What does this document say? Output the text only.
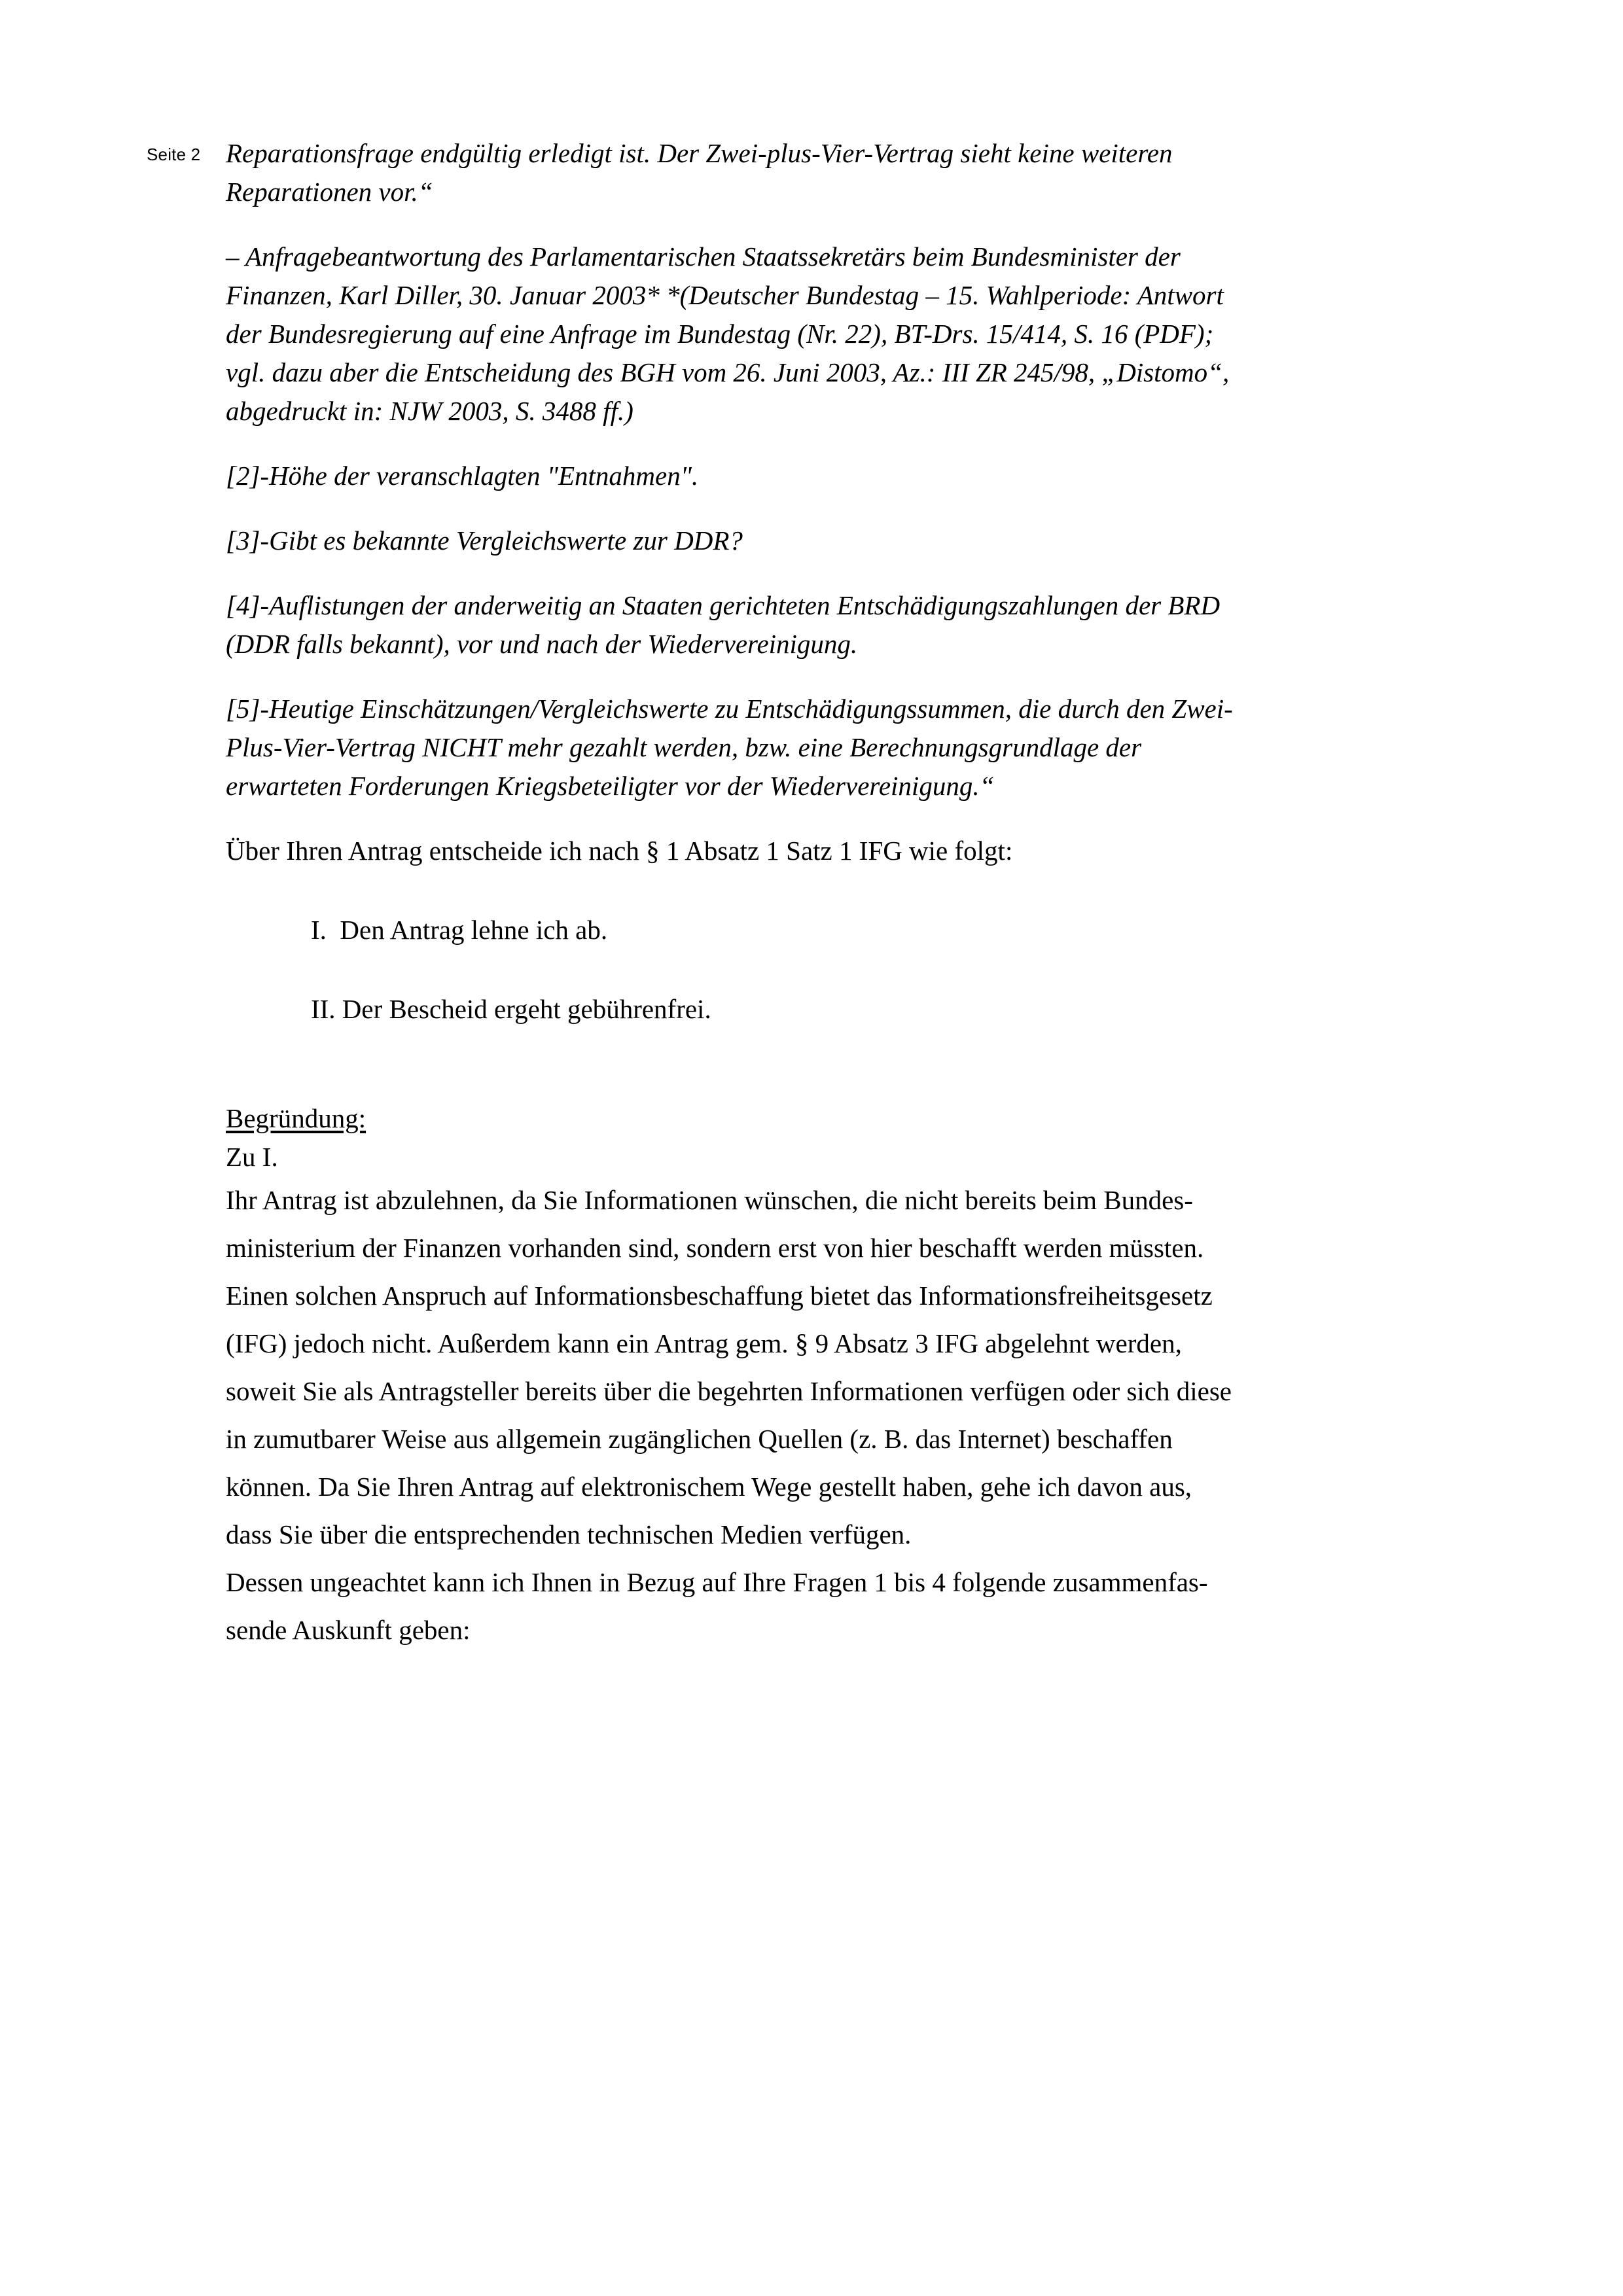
Seite 2 Reparationsfrage endgültig erledigt ist. Der Zwei-plus-Vier-Vertrag sieht keine weiteren
Reparationen vor.“

– Anfragebeantwortung des Parlamentarischen Staatssekretärs beim Bundesminister der
Finanzen, Karl Diller, 30. Januar 2003* *(Deutscher Bundestag – 15. Wahlperiode: Antwort
der Bundesregierung auf eine Anfrage im Bundestag (Nr. 22), BT-Drs. 15/414, S. 16 (PDF);
vgl. dazu aber die Entscheidung des BGH vom 26. Juni 2003, Az.: III ZR 245/98, „Distomo“,
abgedruckt in: NJW 2003, S. 3488 ff.)

[2]-Höhe der veranschlagten "Entnahmen".

[3]-Gibt es bekannte Vergleichswerte zur DDR?

[4]-Auflistungen der anderweitig an Staaten gerichteten Entschädigungszahlungen der BRD
(DDR falls bekannt), vor und nach der Wiedervereinigung.

[5]-Heutige Einschätzungen/Vergleichswerte zu Entschädigungssummen, die durch den Zwei-
Plus-Vier-Vertrag NICHT mehr gezahlt werden, bzw. eine Berechnungsgrundlage der
erwarteten Forderungen Kriegsbeteiligter vor der Wiedervereinigung.“

Über Ihren Antrag entscheide ich nach § 1 Absatz 1 Satz 1 IFG wie folgt:

I.  Den Antrag lehne ich ab.
II. Der Bescheid ergeht gebührenfrei.

Begründung:

Zu I.

Ihr Antrag ist abzulehnen, da Sie Informationen wünschen, die nicht bereits beim Bundes-
ministerium der Finanzen vorhanden sind, sondern erst von hier beschafft werden müssten.
Einen solchen Anspruch auf Informationsbeschaffung bietet das Informationsfreiheitsgesetz
(IFG) jedoch nicht. Außerdem kann ein Antrag gem. § 9 Absatz 3 IFG abgelehnt werden,
soweit Sie als Antragsteller bereits über die begehrten Informationen verfügen oder sich diese
in zumutbarer Weise aus allgemein zugänglichen Quellen (z. B. das Internet) beschaffen
können. Da Sie Ihren Antrag auf elektronischem Wege gestellt haben, gehe ich davon aus,
dass Sie über die entsprechenden technischen Medien verfügen.

Dessen ungeachtet kann ich Ihnen in Bezug auf Ihre Fragen 1 bis 4 folgende zusammenfas-
sende Auskunft geben:
